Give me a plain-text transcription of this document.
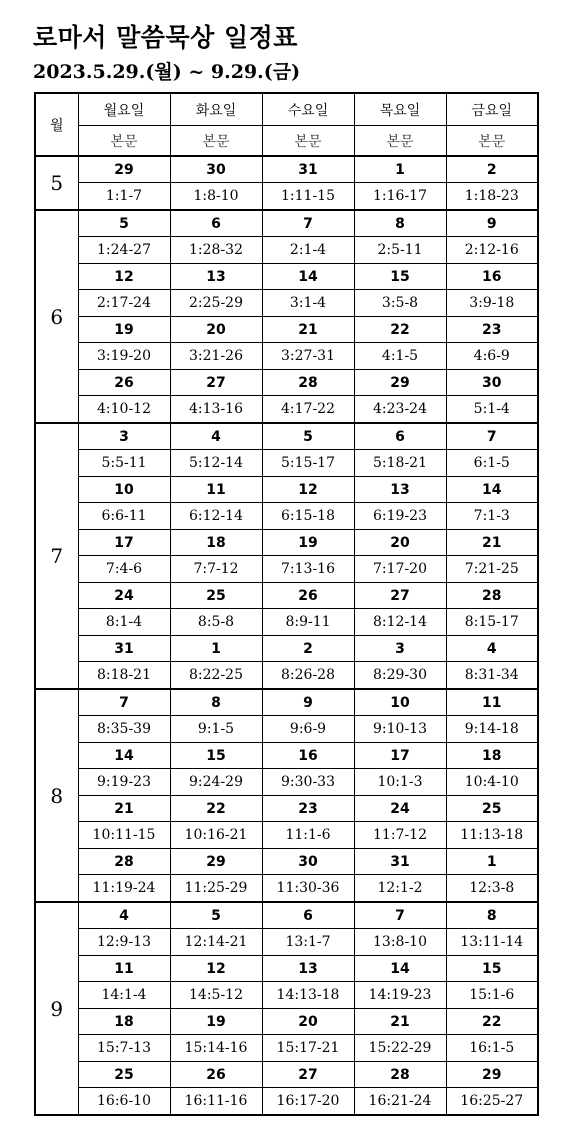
로마서 말씀묵상 일정표
2023.5.29.(월) ~ 9.29.(금)
월	월요일	화요일	수요일	목요일	금요일
	본문	본문	본문	본문	본문
5	29	30	31	1	2
	1:1-7	1:8-10	1:11-15	1:16-17	1:18-23
6	5	6	7	8	9
	1:24-27	1:28-32	2:1-4	2:5-11	2:12-16
	12	13	14	15	16
	2:17-24	2:25-29	3:1-4	3:5-8	3:9-18
	19	20	21	22	23
	3:19-20	3:21-26	3:27-31	4:1-5	4:6-9
	26	27	28	29	30
	4:10-12	4:13-16	4:17-22	4:23-24	5:1-4
7	3	4	5	6	7
	5:5-11	5:12-14	5:15-17	5:18-21	6:1-5
	10	11	12	13	14
	6:6-11	6:12-14	6:15-18	6:19-23	7:1-3
	17	18	19	20	21
	7:4-6	7:7-12	7:13-16	7:17-20	7:21-25
	24	25	26	27	28
	8:1-4	8:5-8	8:9-11	8:12-14	8:15-17
	31	1	2	3	4
	8:18-21	8:22-25	8:26-28	8:29-30	8:31-34
8	7	8	9	10	11
	8:35-39	9:1-5	9:6-9	9:10-13	9:14-18
	14	15	16	17	18
	9:19-23	9:24-29	9:30-33	10:1-3	10:4-10
	21	22	23	24	25
	10:11-15	10:16-21	11:1-6	11:7-12	11:13-18
	28	29	30	31	1
	11:19-24	11:25-29	11:30-36	12:1-2	12:3-8
9	4	5	6	7	8
	12:9-13	12:14-21	13:1-7	13:8-10	13:11-14
	11	12	13	14	15
	14:1-4	14:5-12	14:13-18	14:19-23	15:1-6
	18	19	20	21	22
	15:7-13	15:14-16	15:17-21	15:22-29	16:1-5
	25	26	27	28	29
	16:6-10	16:11-16	16:17-20	16:21-24	16:25-27
